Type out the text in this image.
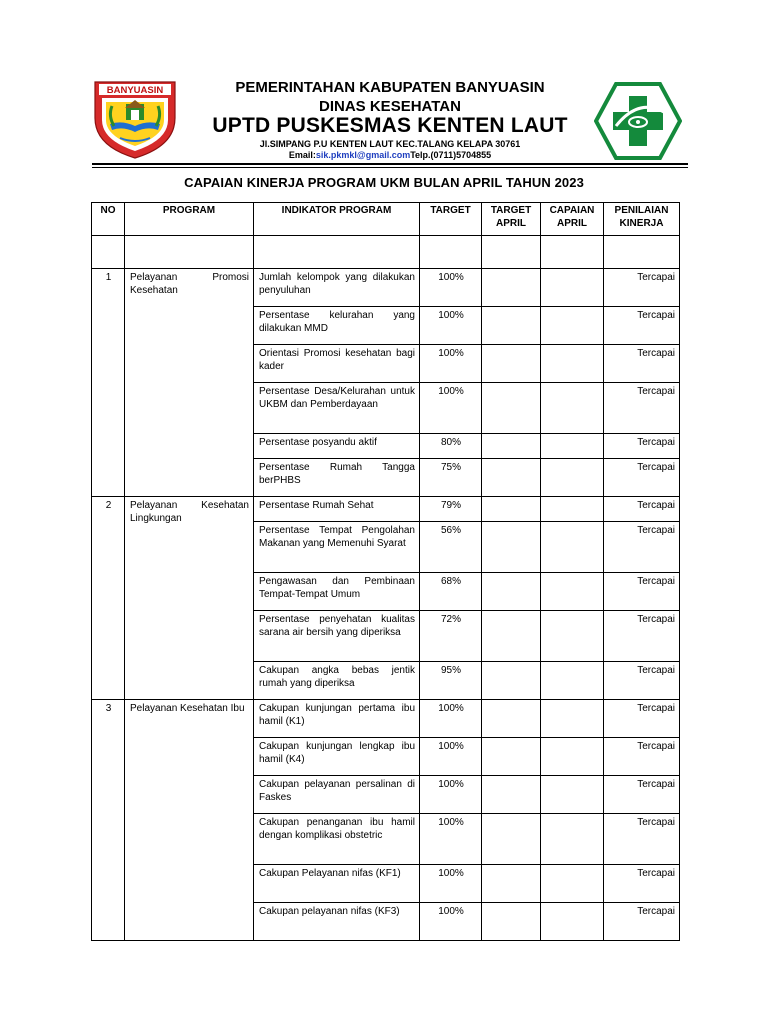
BANYUASIN	PEMERINTAHAN KABUPATEN BANYUASIN
DINAS KESEHATAN
UPTD PUSKESMAS KENTEN LAUT
Jl.SIMPANG P.U KENTEN LAUT KEC.TALANG KELAPA 30761
Email:sik.pkmkl@gmail.comTelp.(0711)5704855
CAPAIAN KINERJA PROGRAM UKM BULAN APRIL TAHUN 2023
NO	PROGRAM	INDIKATOR PROGRAM	TARGET	TARGET APRIL	CAPAIAN APRIL	PENILAIAN KINERJA

1	Pelayanan Promosi Kesehatan	Jumlah kelompok yang dilakukan penyuluhan	100%			Tercapai
		Persentase kelurahan yang dilakukan MMD	100%			Tercapai
		Orientasi Promosi kesehatan bagi kader	100%			Tercapai
		Persentase Desa/Kelurahan untuk UKBM dan Pemberdayaan	100%			Tercapai
		Persentase posyandu aktif	80%			Tercapai
		Persentase Rumah Tangga berPHBS	75%			Tercapai
2	Pelayanan Kesehatan Lingkungan	Persentase Rumah Sehat	79%			Tercapai
		Persentase Tempat Pengolahan Makanan yang Memenuhi Syarat	56%			Tercapai
		Pengawasan dan Pembinaan Tempat-Tempat Umum	68%			Tercapai
		Persentase penyehatan kualitas sarana air bersih yang diperiksa	72%			Tercapai
		Cakupan angka bebas jentik rumah yang diperiksa	95%			Tercapai
3	Pelayanan Kesehatan Ibu	Cakupan kunjungan pertama ibu hamil (K1)	100%			Tercapai
		Cakupan kunjungan lengkap ibu hamil (K4)	100%			Tercapai
		Cakupan pelayanan persalinan di Faskes	100%			Tercapai
		Cakupan penanganan ibu hamil dengan komplikasi obstetric	100%			Tercapai
		Cakupan Pelayanan nifas (KF1)	100%			Tercapai
		Cakupan pelayanan nifas (KF3)	100%			Tercapai
